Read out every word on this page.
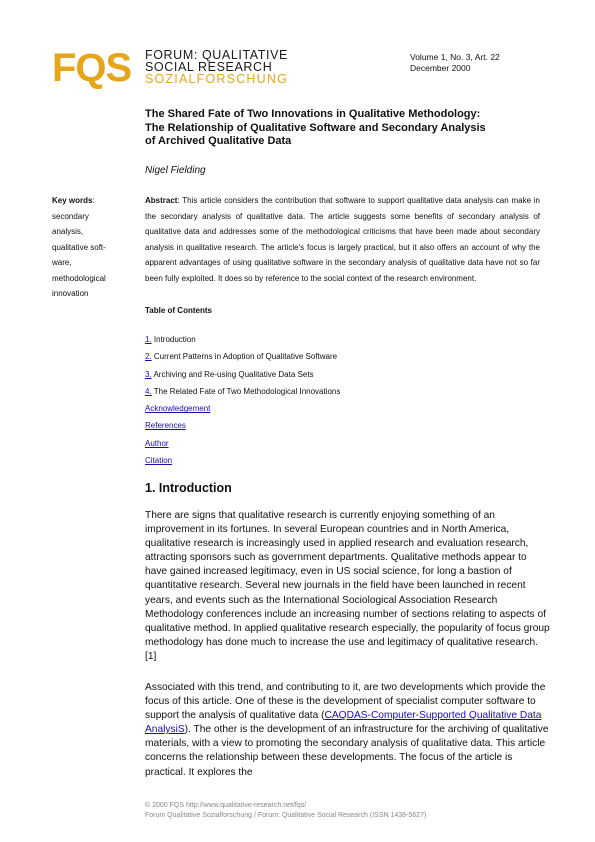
FQS FORUM: QUALITATIVE
SOCIAL RESEARCH
SOZIALFORSCHUNG
Volume 1, No. 3, Art. 22
December 2000
The Shared Fate of Two Innovations in Qualitative Methodology:
The Relationship of Qualitative Software and Secondary Analysis
of Archived Qualitative Data
Nigel Fielding
Key words:
secondary
analysis,
qualitative soft-
ware,
methodological
innovation
Abstract: This article considers the contribution that software to support qualitative data analysis can make in the secondary analysis of qualitative data. The article suggests some benefits of secondary analysis of qualitative data and addresses some of the methodological criticisms that have been made about secondary analysis in qualitative research. The article's focus is largely practical, but it also offers an account of why the apparent advantages of using qualitative software in the secondary analysis of qualitative data have not so far been fully exploited. It does so by reference to the social context of the research environment.
Table of Contents
1. Introduction
2. Current Patterns in Adoption of Qualitative Software
3. Archiving and Re-using Qualitative Data Sets
4. The Related Fate of Two Methodological Innovations
Acknowledgement
References
Author
Citation
1. Introduction
There are signs that qualitative research is currently enjoying something of an improvement in its fortunes. In several European countries and in North America, qualitative research is increasingly used in applied research and evaluation research, attracting sponsors such as government departments. Qualitative methods appear to have gained increased legitimacy, even in US social science, for long a bastion of quantitative research. Several new journals in the field have been launched in recent years, and events such as the International Sociological Association Research Methodology conferences include an increasing number of sections relating to aspects of qualitative method. In applied qualitative research especially, the popularity of focus group methodology has done much to increase the use and legitimacy of qualitative research. [1]
Associated with this trend, and contributing to it, are two developments which provide the focus of this article. One of these is the development of specialist computer software to support the analysis of qualitative data (CAQDAS-Computer-Supported Qualitative Data AnalysiS). The other is the development of an infrastructure for the archiving of qualitative materials, with a view to promoting the secondary analysis of qualitative data. This article concerns the relationship between these developments. The focus of the article is practical. It explores the
© 2000 FQS http://www.qualitative-research.net/fqs/
Forum Qualitative Sozialforschung / Forum: Qualitative Social Research (ISSN 1438-5627)
